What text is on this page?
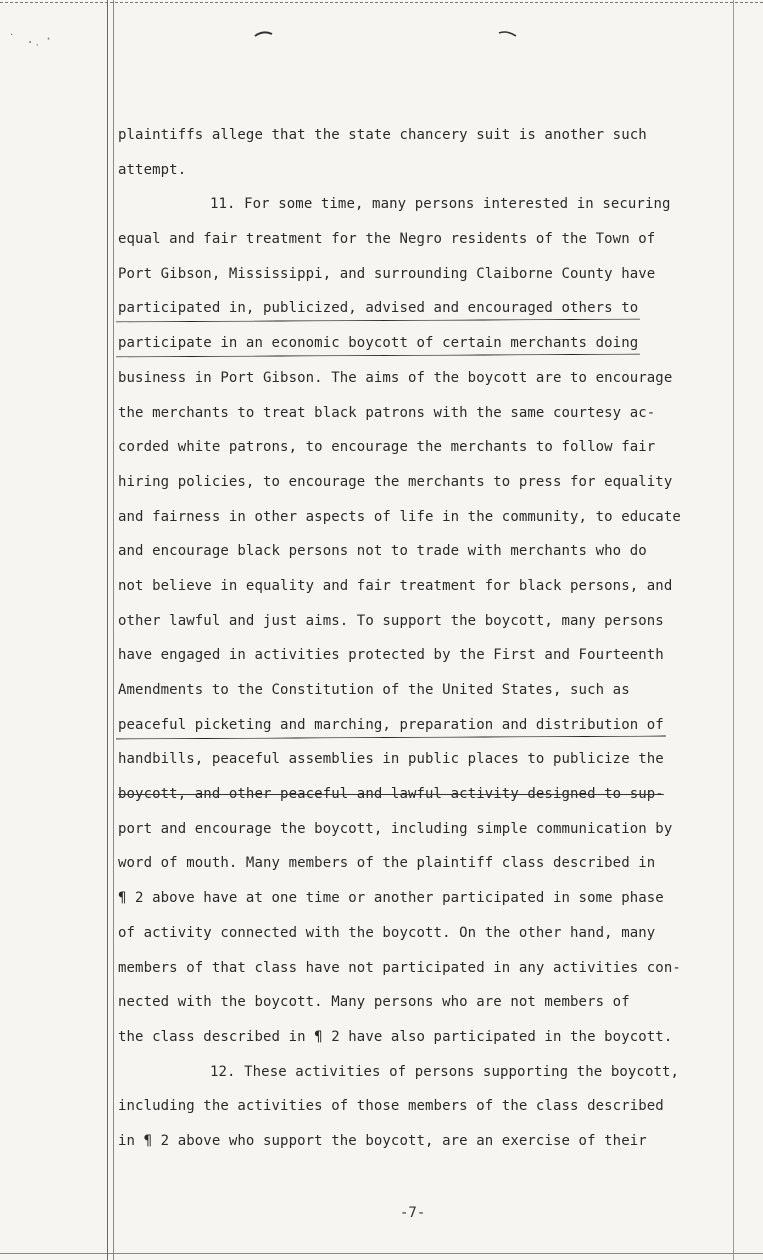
˙ .̣ ·
plaintiffs allege that the state chancery suit is another such
attempt.
11. For some time, many persons interested in securing
equal and fair treatment for the Negro residents of the Town of
Port Gibson, Mississippi, and surrounding Claiborne County have
participated in, publicized, advised and encouraged others to
participate in an economic boycott of certain merchants doing
business in Port Gibson. The aims of the boycott are to encourage
the merchants to treat black patrons with the same courtesy ac-
corded white patrons, to encourage the merchants to follow fair
hiring policies, to encourage the merchants to press for equality
and fairness in other aspects of life in the community, to educate
and encourage black persons not to trade with merchants who do
not believe in equality and fair treatment for black persons, and
other lawful and just aims. To support the boycott, many persons
have engaged in activities protected by the First and Fourteenth
Amendments to the Constitution of the United States, such as
peaceful picketing and marching, preparation and distribution of
handbills, peaceful assemblies in public places to publicize the
boycott, and other peaceful and lawful activity designed to sup-
port and encourage the boycott, including simple communication by
word of mouth. Many members of the plaintiff class described in
¶ 2 above have at one time or another participated in some phase
of activity connected with the boycott. On the other hand, many
members of that class have not participated in any activities con-
nected with the boycott. Many persons who are not members of
the class described in ¶ 2 have also participated in the boycott.
12. These activities of persons supporting the boycott,
including the activities of those members of the class described
in ¶ 2 above who support the boycott, are an exercise of their
-7-
